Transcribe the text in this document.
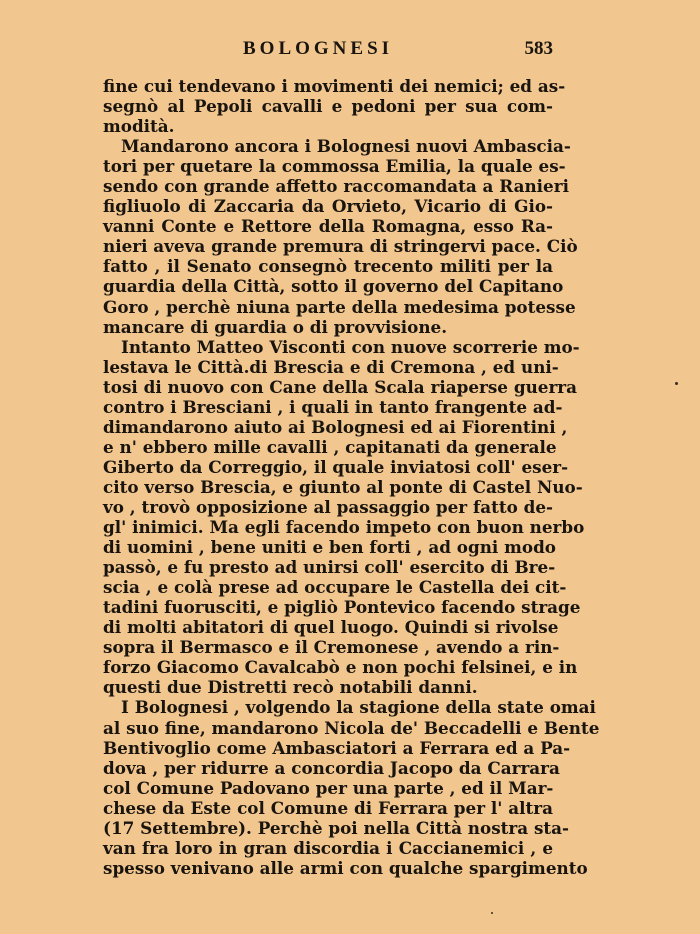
BOLOGNESI	583
fine cui tendevano i movimenti dei nemici; ed as-
segnò al Pepoli cavalli e pedoni per sua com-
modità.
Mandarono ancora i Bolognesi nuovi Ambascia-
tori per quetare la commossa Emilia, la quale es-
sendo con grande affetto raccomandata a Ranieri
figliuolo di Zaccaria da Orvieto, Vicario di Gio-
vanni Conte e Rettore della Romagna, esso Ra-
nieri aveva grande premura di stringervi pace. Ciò
fatto , il Senato consegnò trecento militi per la
guardia della Città, sotto il governo del Capitano
Goro , perchè niuna parte della medesima potesse
mancare di guardia o di provvisione.
Intanto Matteo Visconti con nuove scorrerie mo-
lestava le Città.di Brescia e di Cremona , ed uni-
tosi di nuovo con Cane della Scala riaperse guerra
contro i Bresciani , i quali in tanto frangente ad-
dimandarono aiuto ai Bolognesi ed ai Fiorentini ,
e n' ebbero mille cavalli , capitanati da generale
Giberto da Correggio, il quale inviatosi coll' eser-
cito verso Brescia, e giunto al ponte di Castel Nuo-
vo , trovò opposizione al passaggio per fatto de-
gl' inimici. Ma egli facendo impeto con buon nerbo
di uomini , bene uniti e ben forti , ad ogni modo
passò, e fu presto ad unirsi coll' esercito di Bre-
scia , e colà prese ad occupare le Castella dei cit-
tadini fuorusciti, e pigliò Pontevico facendo strage
di molti abitatori di quel luogo. Quindi si rivolse
sopra il Bermasco e il Cremonese , avendo a rin-
forzo Giacomo Cavalcabò e non pochi felsinei, e in
questi due Distretti recò notabili danni.
I Bolognesi , volgendo la stagione della state omai
al suo fine, mandarono Nicola de' Beccadelli e Bente
Bentivoglio come Ambasciatori a Ferrara ed a Pa-
dova , per ridurre a concordia Jacopo da Carrara
col Comune Padovano per una parte , ed il Mar-
chese da Este col Comune di Ferrara per l' altra
(17 Settembre). Perchè poi nella Città nostra sta-
van fra loro in gran discordia i Caccianemici , e
spesso venivano alle armi con qualche spargimento
